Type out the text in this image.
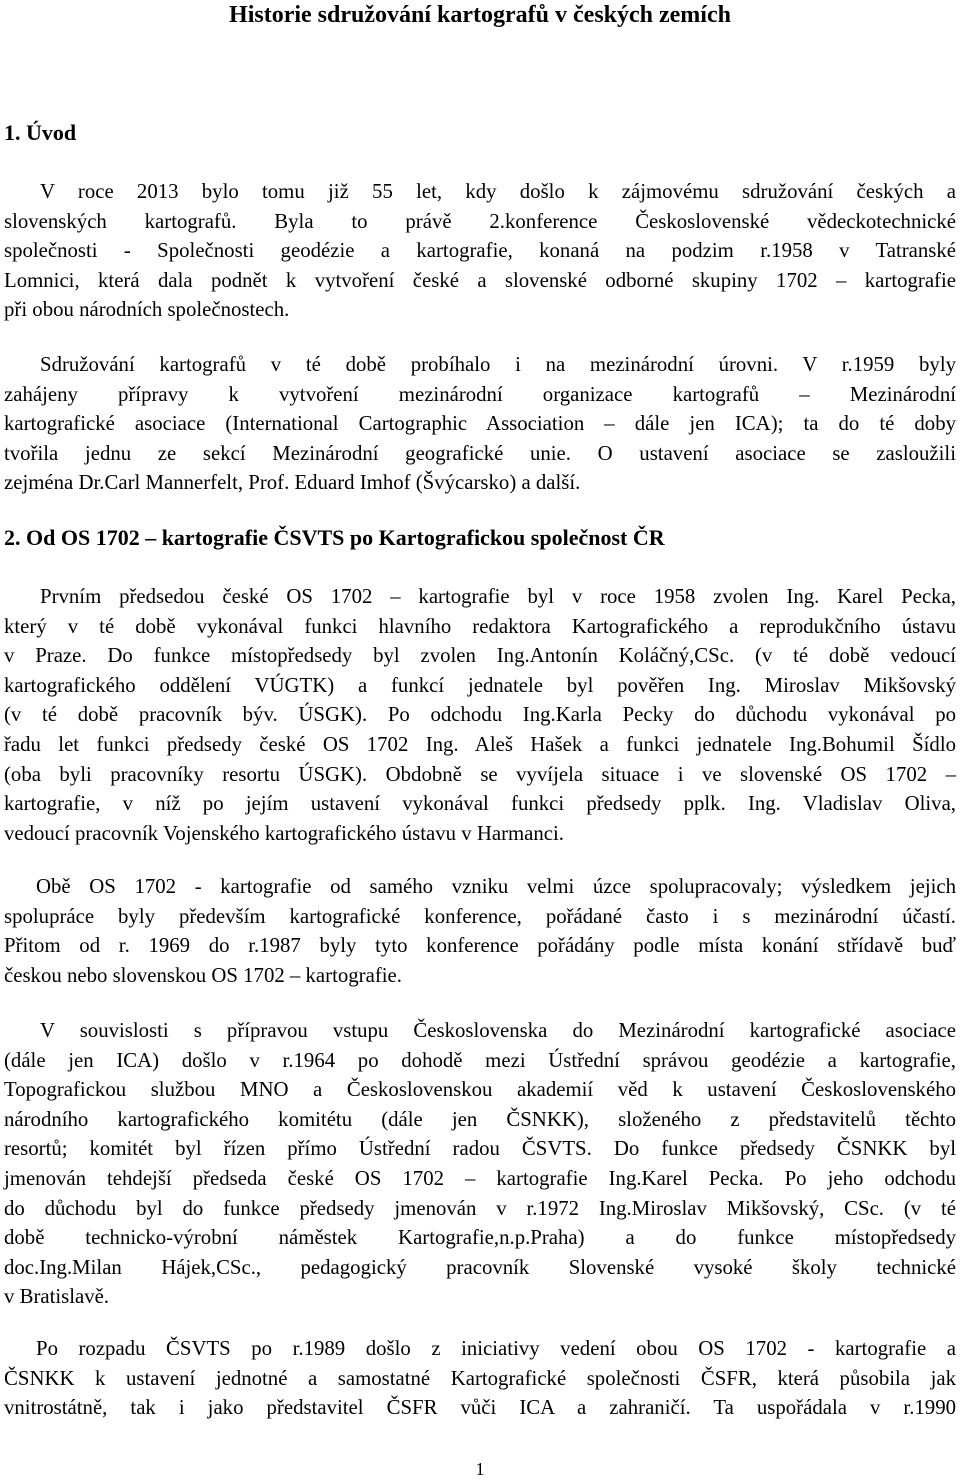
Historie sdružování kartografů v českých zemích
1. Úvod
V roce 2013 bylo tomu již 55 let, kdy došlo k zájmovému sdružování českých a
slovenských kartografů. Byla to právě 2.konference Československé vědeckotechnické
společnosti - Společnosti geodézie a kartografie, konaná na podzim r.1958 v Tatranské
Lomnici, která dala podnět k vytvoření české a slovenské odborné skupiny 1702 – kartografie
při obou národních společnostech.
Sdružování kartografů v té době probíhalo i na mezinárodní úrovni. V r.1959 byly
zahájeny přípravy k vytvoření mezinárodní organizace kartografů – Mezinárodní
kartografické asociace (International Cartographic Association – dále jen ICA); ta do té doby
tvořila jednu ze sekcí Mezinárodní geografické unie. O ustavení asociace se zasloužili
zejména Dr.Carl Mannerfelt, Prof. Eduard Imhof (Švýcarsko) a další.
2. Od OS 1702 – kartografie ČSVTS po Kartografickou společnost ČR
Prvním předsedou české OS 1702 – kartografie byl v roce 1958 zvolen Ing. Karel Pecka,
který v té době vykonával funkci hlavního redaktora Kartografického a reprodukčního ústavu
v Praze. Do funkce místopředsedy byl zvolen Ing.Antonín Koláčný,CSc. (v té době vedoucí
kartografického oddělení VÚGTK) a funkcí jednatele byl pověřen Ing. Miroslav Mikšovský
(v té době pracovník býv. ÚSGK). Po odchodu Ing.Karla Pecky do důchodu vykonával po
řadu let funkci předsedy české OS 1702 Ing. Aleš Hašek a funkci jednatele Ing.Bohumil Šídlo
(oba byli pracovníky resortu ÚSGK). Obdobně se vyvíjela situace i ve slovenské OS 1702 –
kartografie, v níž po jejím ustavení vykonával funkci předsedy pplk. Ing. Vladislav Oliva,
vedoucí pracovník Vojenského kartografického ústavu v Harmanci.
Obě OS 1702 - kartografie od samého vzniku velmi úzce spolupracovaly; výsledkem jejich
spolupráce byly především kartografické konference, pořádané často i s mezinárodní účastí.
Přitom od r. 1969 do r.1987 byly tyto konference pořádány podle místa konání střídavě buď
českou nebo slovenskou OS 1702 – kartografie.
V souvislosti s přípravou vstupu Československa do Mezinárodní kartografické asociace
(dále jen ICA) došlo v r.1964 po dohodě mezi Ústřední správou geodézie a kartografie,
Topografickou službou MNO a Československou akademií věd k ustavení Československého
národního kartografického komitétu (dále jen ČSNKK), složeného z představitelů těchto
resortů; komitét byl řízen přímo Ústřední radou ČSVTS. Do funkce předsedy ČSNKK byl
jmenován tehdejší předseda české OS 1702 – kartografie Ing.Karel Pecka. Po jeho odchodu
do důchodu byl do funkce předsedy jmenován v r.1972 Ing.Miroslav Mikšovský, CSc. (v té
době technicko-výrobní náměstek Kartografie,n.p.Praha) a do funkce místopředsedy
doc.Ing.Milan Hájek,CSc., pedagogický pracovník Slovenské vysoké školy technické
v Bratislavě.
Po rozpadu ČSVTS po r.1989 došlo z iniciativy vedení obou OS 1702 - kartografie a
ČSNKK k ustavení jednotné a samostatné Kartografické společnosti ČSFR, která působila jak
vnitrostátně, tak i jako představitel ČSFR vůči ICA a zahraničí. Ta uspořádala v r.1990
1
